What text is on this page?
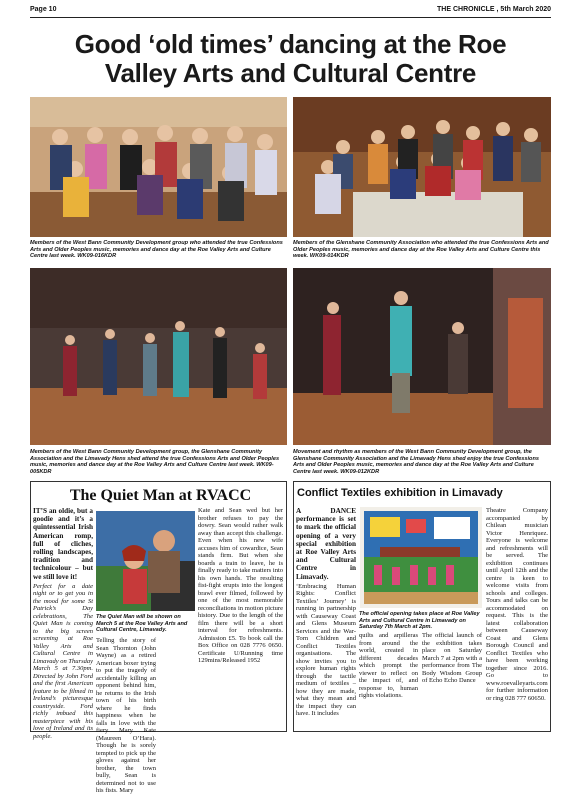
Page 10	THE CHRONICLE , 5th March 2020
Good ‘old times’ dancing at the Roe
Valley Arts and Cultural Centre
Members of the West Bann Community Development group who attended the true Confessions Arts and Older Peoples music, memories and dance day at the Roe Valley Arts and Culture Centre last week. WK09-016KDR
Members of the Glenshane Community Association who attended the true Confessions Arts and Older Peoples music, memories and dance day at the Roe Valley Arts and Culture Centre this week. WK09-014KDR
Members of the West Bann Community Development group, the Glenshane Community Association and the Limavady Hens shed attend the true Confessions Arts and Older Peoples music, memories and dance day at the Roe Valley Arts and Culture Centre last week. WK09-005KDR
Movement and rhythm as members of the West Bann Community Development group, the Glenshane Community Association and the Limavady Hens shed enjoy the true Confessions Arts and Older Peoples music, memories and dance day at the Roe Valley Arts and Culture Centre last week. WK09-012KDR
The Quiet Man at RVACC

IT’S an oldie, but a goodie and it’s a quintessential Irish American romp, full of cliches, rolling landscapes, tradition and technicolour – but we still love it!

Perfect for a date night or to get you in the mood for some St Patrick’s Day celebrations, The Quiet Man is coming to the big screen screening at Roe Valley Arts and Cultural Centre in Limavady on Thursday March 5 at 7.30pm. Directed by John Ford and the first American feature to be filmed in Ireland’s picturesque countryside. Ford richly imbued this masterpiece with his love of Ireland and its people.

The Quiet Man will be shown on March 5 at the Roe Valley Arts and Cultural Centre, Limavady.

Telling the story of Sean Thornton (John Wayne) as a retired American boxer trying to put the tragedy of accidentally killing an opponent behind him, he returns to the Irish town of his birth where he finds happiness when he falls in love with the fiery Mary Kate (Maureen O’Hara). Though he is sorely tempted to pick up the gloves against her brother, the town bully, Sean is determined not to use his fists. Mary

Kate and Sean wed but her brother refuses to pay the dowry. Sean would rather walk away than accept this challenge. Even when his new wife accuses him of cowardice, Sean stands firm. But when she boards a train to leave, he is finally ready to take matters into his own hands. The resulting fist-fight erupts into the longest brawl ever filmed, followed by one of the most memorable reconciliations in motion picture history. Due to the length of the film there will be a short interval for refreshments. Admission £5. To book call the Box Office on 028 7776 0650. Certificate U/Running time 129mins/Released 1952

Conflict Textiles exhibition in Limavady

A DANCE performance is set to mark the official opening of a very special exhibition at Roe Valley Arts and Cultural Centre in Limavady.

‘Embracing Human Rights: Conflict Textiles’ Journey’ is running in partnership with Causeway Coast and Glens Museum Services and the War-Torn Children and Conflict Textiles organisations. The show invites you to explore human rights through the tactile medium of textiles – how they are made, what they mean and the impact they can have. It includes

The official opening takes place at Roe Valley Arts and Cultural Centre in Limavady on Saturday 7th March at 2pm.

quilts and arpilleras from around the world, created in different decades which prompt the viewer to reflect on the impact of, and response to, human rights violations.

The official launch of the exhibition takes place on Saturday March 7 at 2pm with a performance from The Body Wisdom Group of Echo Echo Dance

Theatre Company accompanied by Chilean musician Victor Henriquez. Everyone is welcome and refreshments will be served. The exhibition continues until April 12th and the centre is keen to welcome visits from schools and colleges. Tours and talks can be accommodated on request. This is the latest collaboration between Causeway Coast and Glens Borough Council and Conflict Textiles who have been working together since 2016. Go to www.roevalleyarts.com for further information or ring 028 777 60650.
